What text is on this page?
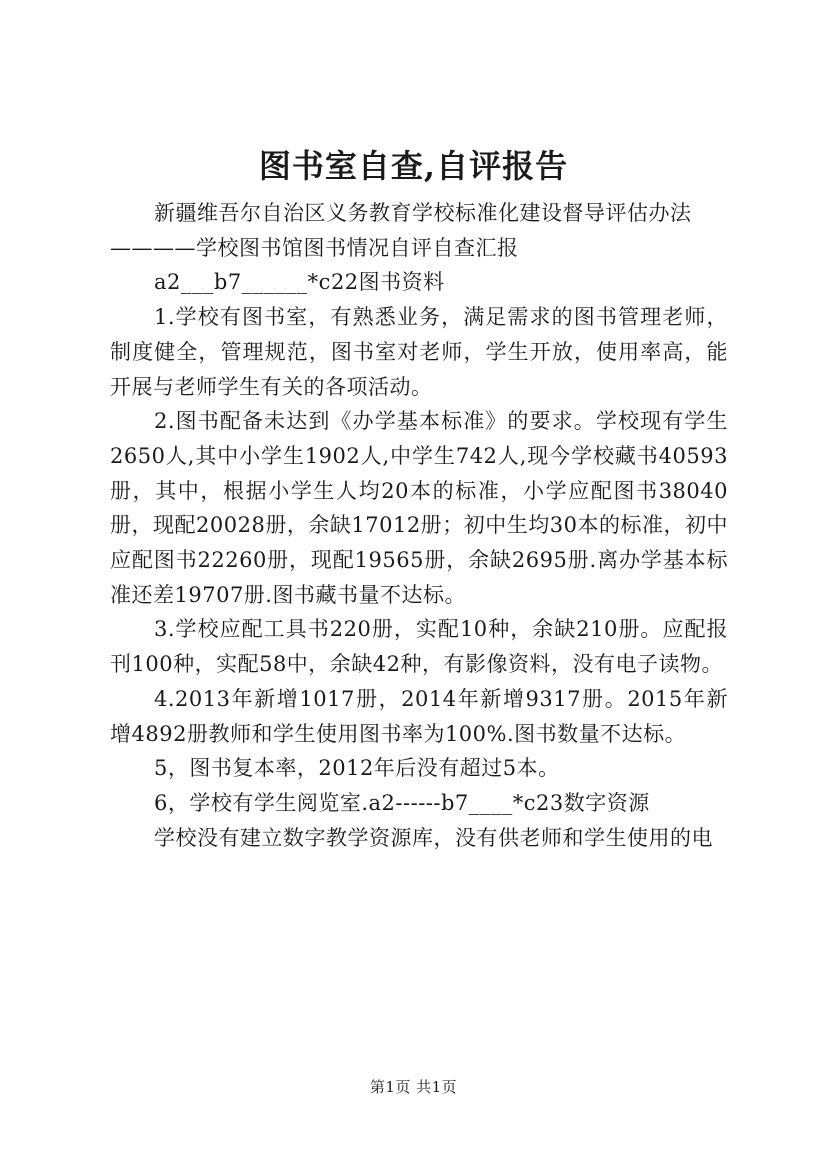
图书室自查,自评报告

新疆维吾尔自治区义务教育学校标准化建设督导评估办法

————学校图书馆图书情况自评自查汇报

a2___b7______*c22图书资料

1.学校有图书室，有熟悉业务，满足需求的图书管理老师，制度健全，管理规范，图书室对老师，学生开放，使用率高，能开展与老师学生有关的各项活动。

2.图书配备未达到《办学基本标准》的要求。学校现有学生2650人,其中小学生1902人,中学生742人,现今学校藏书40593册，其中，根据小学生人均20本的标准，小学应配图书38040册，现配20028册，余缺17012册；初中生均30本的标准，初中应配图书22260册，现配19565册，余缺2695册.离办学基本标准还差19707册.图书藏书量不达标。

3.学校应配工具书220册，实配10种，余缺210册。应配报刊100种，实配58中，余缺42种，有影像资料，没有电子读物。

4.2013年新增1017册，2014年新增9317册。2015年新增4892册教师和学生使用图书率为100%.图书数量不达标。

5，图书复本率，2012年后没有超过5本。

6，学校有学生阅览室.a2------b7____*c23数字资源

学校没有建立数字教学资源库，没有供老师和学生使用的电

第1页 共1页
